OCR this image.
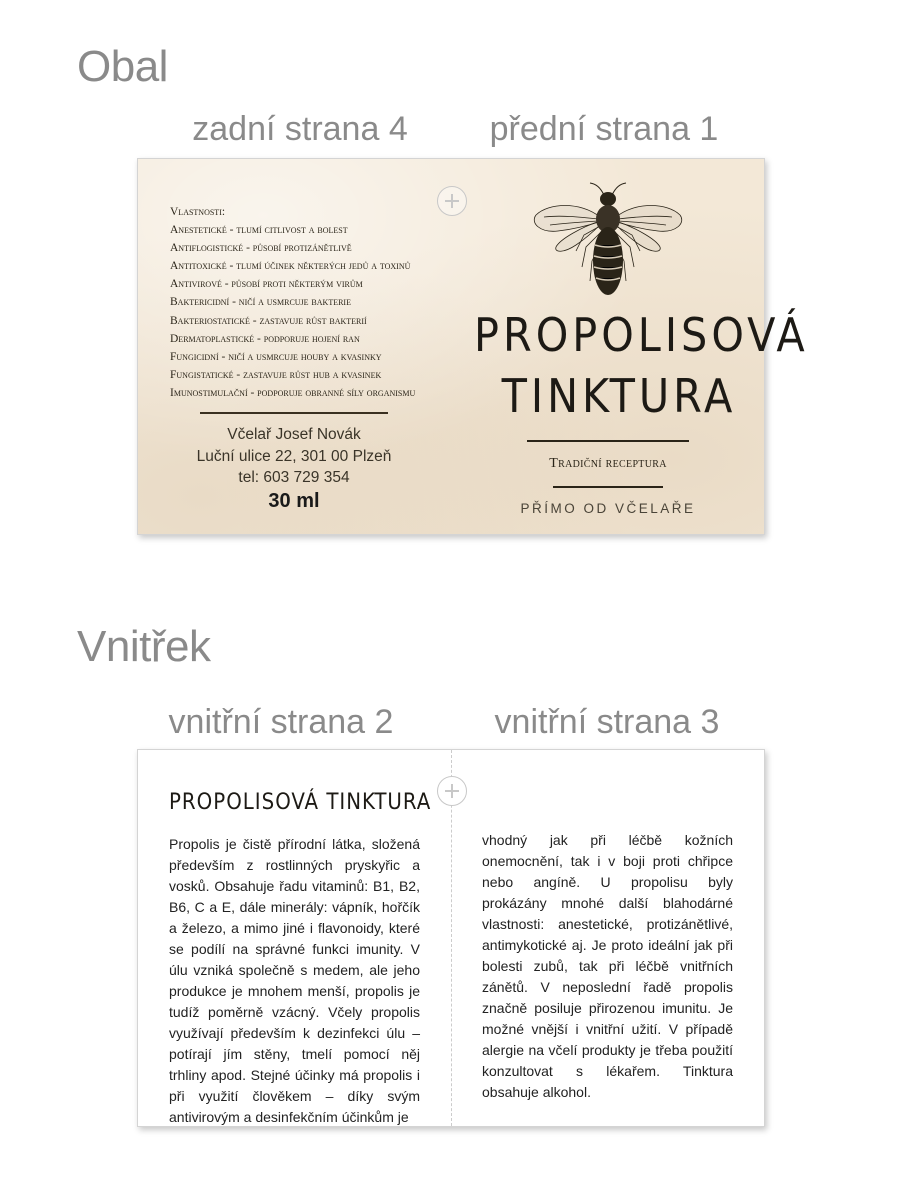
Obal
zadní strana 4	přední strana 1
Vlastnosti:
Anestetické - tlumí citlivost a bolest
Antiflogistické - působí protizánětlivě
Antitoxické - tlumí účinek některých jedů a toxinů
Antivirové - působí proti některým virům
Baktericidní - ničí a usmrcuje bakterie
Bakteriostatické - zastavuje růst bakterií
Dermatoplastické - podporuje hojení ran
Fungicidní - ničí a usmrcuje houby a kvasinky
Fungistatické - zastavuje růst hub a kvasinek
Imunostimulační - podporuje obranné síly organismu
Včelař Josef Novák
Luční ulice 22, 301 00 Plzeň
tel: 603 729 354
30 ml
PROPOLISOVÁ
TINKTURA
Tradiční receptura
PŘÍMO OD VČELAŘE
Vnitřek
vnitřní strana 2	vnitřní strana 3
PROPOLISOVÁ TINKTURA

Propolis je čistě přírodní látka, složená především z rostlinných pryskyřic a vosků. Obsahuje řadu vitaminů: B1, B2, B6, C a E, dále minerály: vápník, hořčík a železo, a mimo jiné i flavonoidy, které se podílí na správné funkci imunity. V úlu vzniká společně s medem, ale jeho produkce je mnohem menší, propolis je tudíž poměrně vzácný. Včely propolis využívají především k dezinfekci úlu – potírají jím stěny, tmelí pomocí něj trhliny apod. Stejné účinky má propolis i při využití člověkem – díky svým antivirovým a desinfekčním účinkům je

vhodný jak při léčbě kožních onemocnění, tak i v boji proti chřipce nebo angíně. U propolisu byly prokázány mnohé další blahodárné vlastnosti: anestetické, protizánětlivé, antimykotické aj. Je proto ideální jak při bolesti zubů, tak při léčbě vnitřních zánětů. V neposlední řadě propolis značně posiluje přirozenou imunitu. Je možné vnější i vnitřní užití. V případě alergie na včelí produkty je třeba použití konzultovat s lékařem. Tinktura obsahuje alkohol.
